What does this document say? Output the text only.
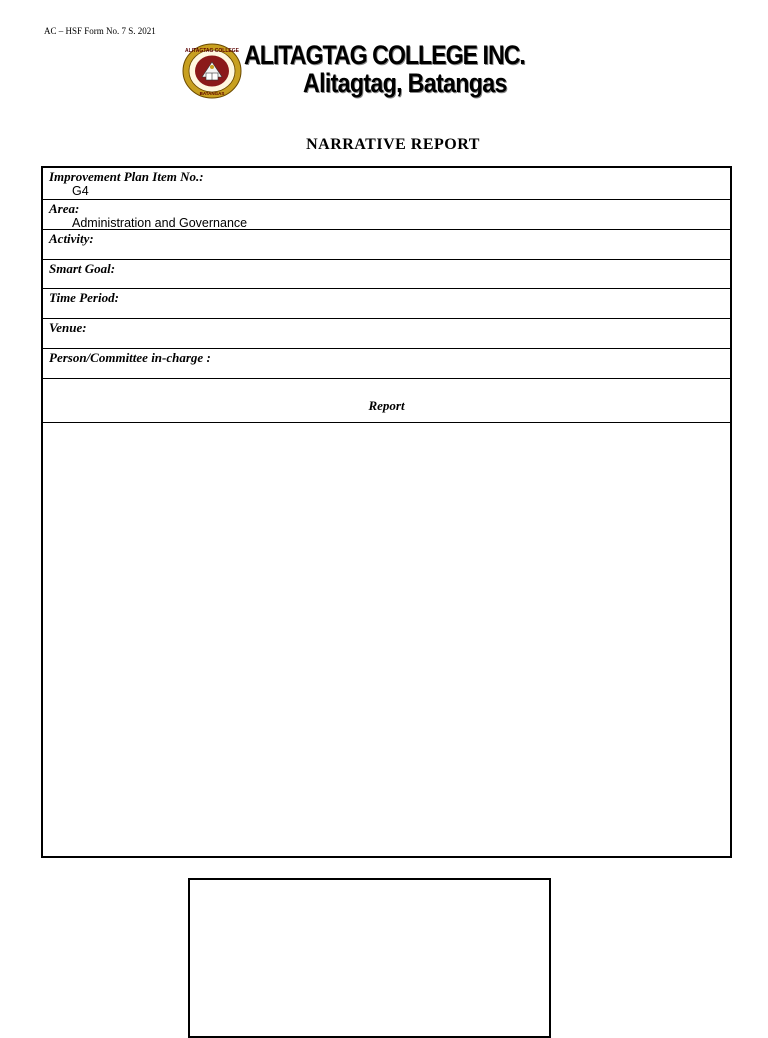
AC – HSF Form No. 7 S. 2021
ALITAGTAG COLLEGE
BATANGAS
ALITAGTAG COLLEGE INC.
Alitagtag, Batangas
NARRATIVE REPORT
Improvement Plan Item No.:
G4
Area:
Administration and Governance
Activity:
Smart Goal:
Time Period:
Venue:
Person/Committee in-charge :
Report
